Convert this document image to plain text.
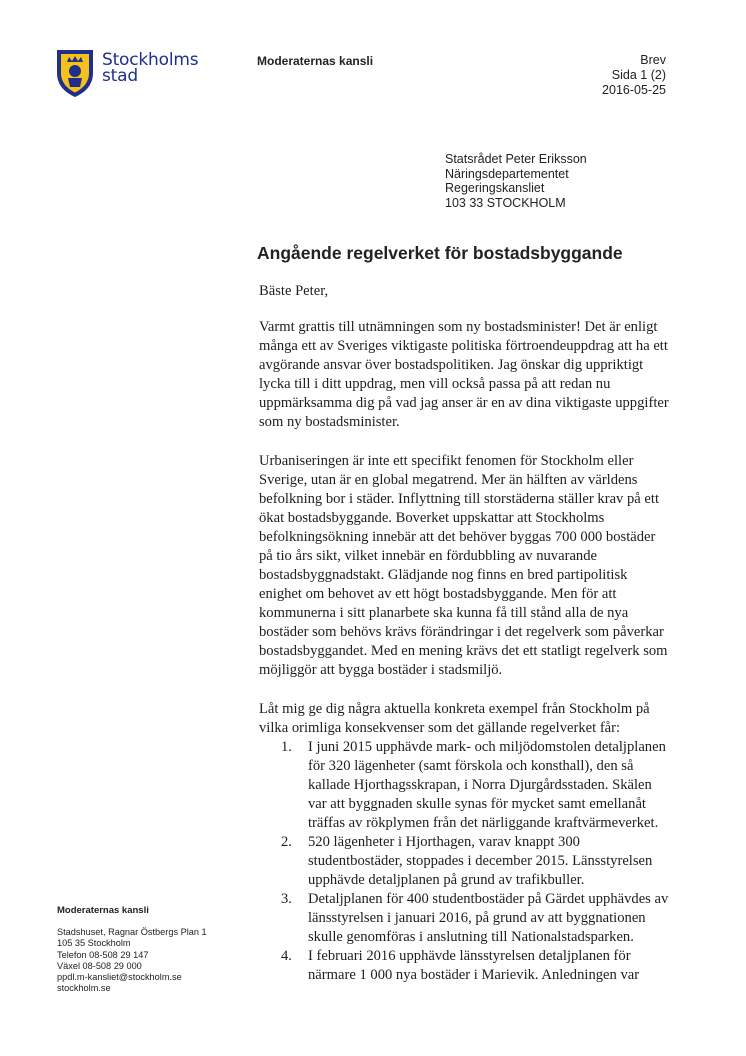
Stockholms
stad
Moderaternas kansli	Brev
Sida 1 (2)
2016-05-25
Statsrådet Peter Eriksson
Näringsdepartementet
Regeringskansliet
103 33 STOCKHOLM
Angående regelverket för bostadsbyggande

Bäste Peter,

Varmt grattis till utnämningen som ny bostadsminister! Det är enligt många ett av Sveriges viktigaste politiska förtroendeuppdrag att ha ett avgörande ansvar över bostadspolitiken. Jag önskar dig uppriktigt lycka till i ditt uppdrag, men vill också passa på att redan nu uppmärksamma dig på vad jag anser är en av dina viktigaste uppgifter som ny bostadsminister.

Urbaniseringen är inte ett specifikt fenomen för Stockholm eller Sverige, utan är en global megatrend. Mer än hälften av världens befolkning bor i städer. Inflyttning till storstäderna ställer krav på ett ökat bostadsbyggande. Boverket uppskattar att Stockholms befolkningsökning innebär att det behöver byggas 700 000 bostäder på tio års sikt, vilket innebär en fördubbling av nuvarande bostadsbyggnadstakt. Glädjande nog finns en bred partipolitisk enighet om behovet av ett högt bostadsbyggande. Men för att kommunerna i sitt planarbete ska kunna få till stånd alla de nya bostäder som behövs krävs förändringar i det regelverk som påverkar bostadsbyggandet. Med en mening krävs det ett statligt regelverk som möjliggör att bygga bostäder i stadsmiljö.

Låt mig ge dig några aktuella konkreta exempel från Stockholm på vilka orimliga konsekvenser som det gällande regelverket får:

1. I juni 2015 upphävde mark- och miljödomstolen detaljplanen för 320 lägenheter (samt förskola och konsthall), den så kallade Hjorthagsskrapan, i Norra Djurgårdsstaden. Skälen var att byggnaden skulle synas för mycket samt emellanåt träffas av rökplymen från det närliggande kraftvärmeverket.
2. 520 lägenheter i Hjorthagen, varav knappt 300 studentbostäder, stoppades i december 2015. Länsstyrelsen upphävde detaljplanen på grund av trafikbuller.
3. Detaljplanen för 400 studentbostäder på Gärdet upphävdes av länsstyrelsen i januari 2016, på grund av att byggnationen skulle genomföras i anslutning till Nationalstadsparken.
4. I februari 2016 upphävde länsstyrelsen detaljplanen för närmare 1 000 nya bostäder i Marievik. Anledningen var
Moderaternas kansli
Stadshuset, Ragnar Östbergs Plan 1
105 35 Stockholm
Telefon 08-508 29 147
Växel 08-508 29 000
ppdl.m-kansliet@stockholm.se
stockholm.se
